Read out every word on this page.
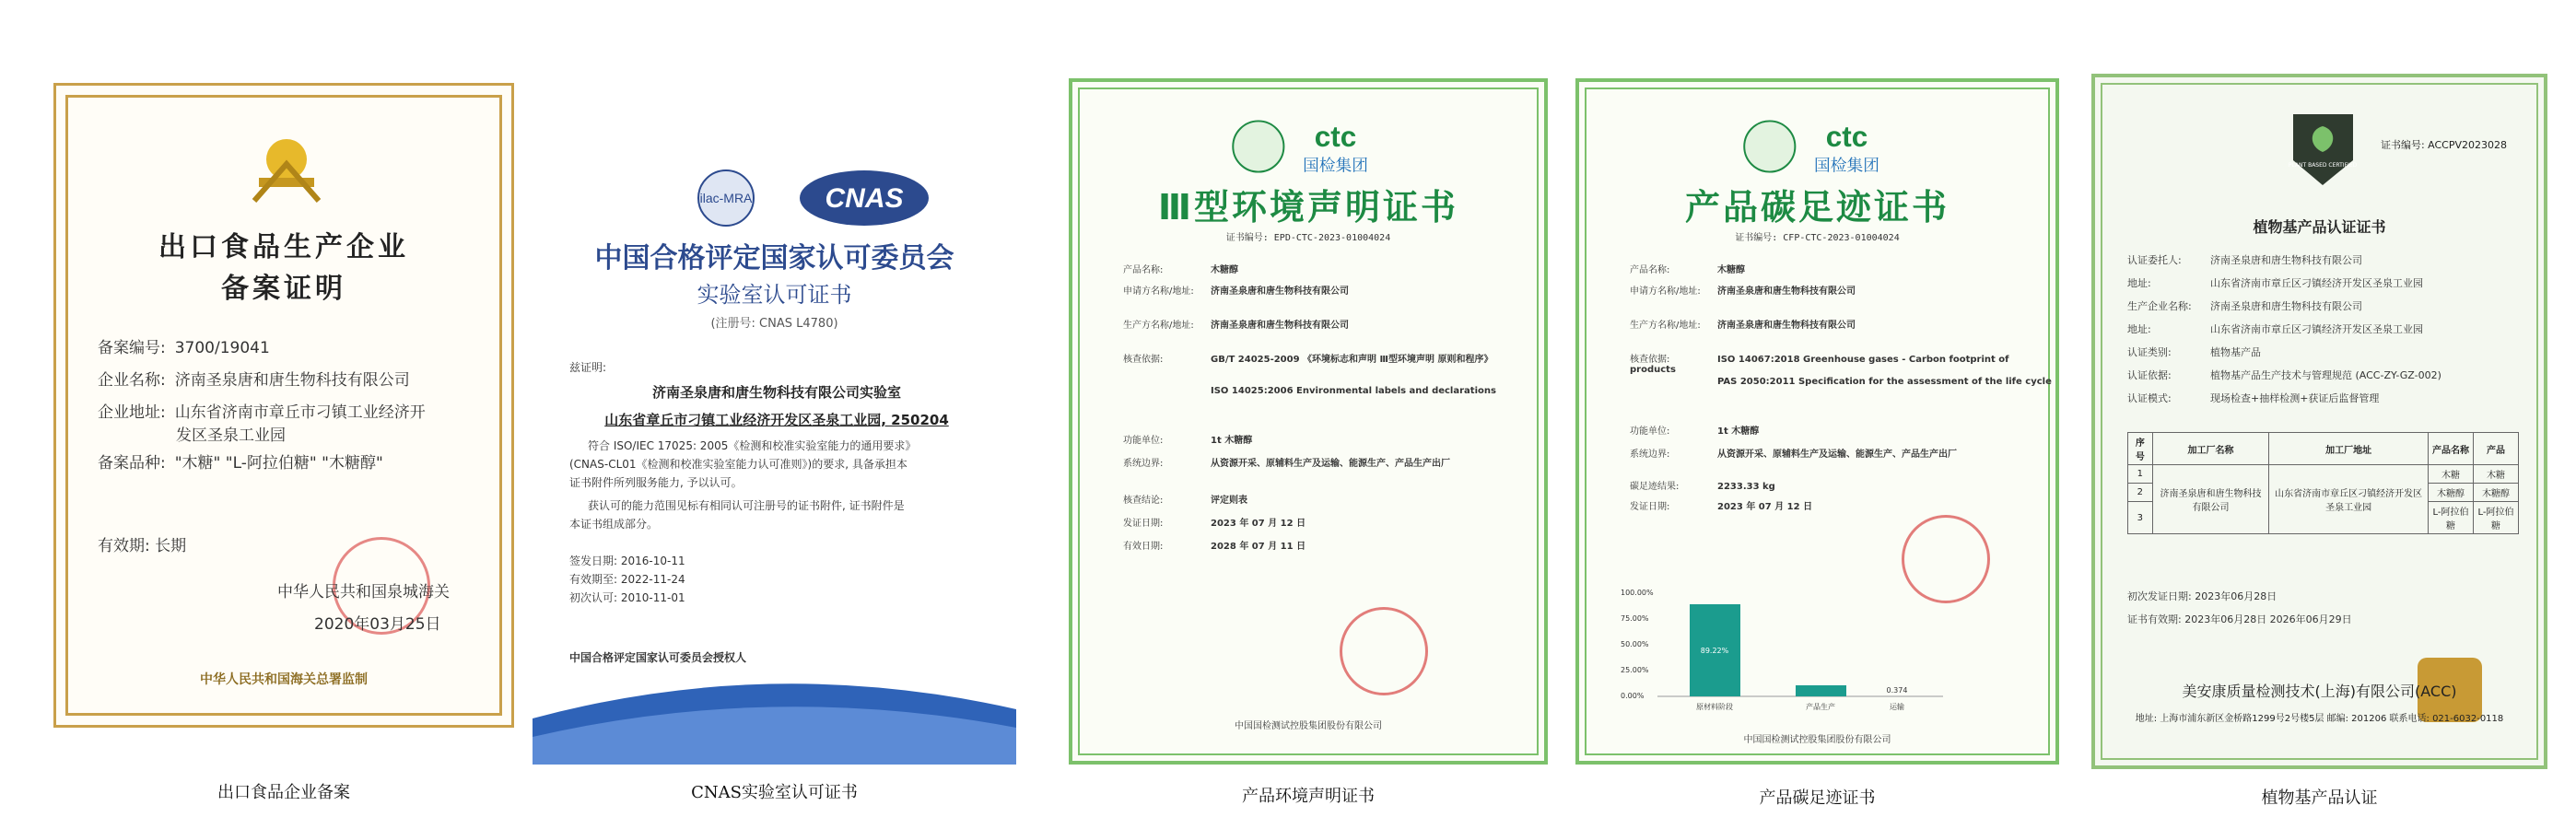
出口食品生产企业
备案证明
备案编号: 3700/19041
企业名称: 济南圣泉唐和唐生物科技有限公司
企业地址: 山东省济南市章丘市刁镇工业经济开
发区圣泉工业园
备案品种: "木糖" "L-阿拉伯糖" "木糖醇"
有效期: 长期
中华人民共和国泉城海关
2020年03月25日
中华人民共和国海关总署监制
出口食品企业备案
ilac-MRA	CNAS
中国合格评定国家认可委员会
实验室认可证书
(注册号: CNAS L4780)
兹证明:
济南圣泉唐和唐生物科技有限公司实验室
山东省章丘市刁镇工业经济开发区圣泉工业园, 250204
符合 ISO/IEC 17025: 2005《检测和校准实验室能力的通用要求》
(CNAS-CL01《检测和校准实验室能力认可准则》)的要求, 具备承担本
证书附件所列服务能力, 予以认可。
获认可的能力范围见标有相同认可注册号的证书附件, 证书附件是
本证书组成部分。
签发日期: 2016-10-11
有效期至: 2022-11-24
初次认可: 2010-11-01
中国合格评定国家认可委员会授权人
CNAS实验室认可证书
ctc
国检集团
Ⅲ型环境声明证书
证书编号: EPD-CTC-2023-01004024
产品名称:	木糖醇
申请方名称/地址: 济南圣泉唐和唐生物科技有限公司
生产方名称/地址: 济南圣泉唐和唐生物科技有限公司
核查依据:	GB/T 24025-2009 《环境标志和声明 Ⅲ型环境声明 原则和程序》
ISO 14025:2006 Environmental labels and declarations
功能单位:	1t 木糖醇
系统边界:	从资源开采、原辅料生产及运输、能源生产、产品生产出厂
核查结论:	评定则表
发证日期:	2023 年 07 月 12 日
有效日期:	2028 年 07 月 11 日
中国国检测试控股集团股份有限公司
产品环境声明证书
ctc
国检集团
产品碳足迹证书
证书编号: CFP-CTC-2023-01004024
产品名称:	木糖醇
申请方名称/地址: 济南圣泉唐和唐生物科技有限公司
生产方名称/地址: 济南圣泉唐和唐生物科技有限公司
核查依据:	ISO 14067:2018 Greenhouse gases - Carbon footprint of products
PAS 2050:2011 Specification for the assessment of the life cycle
功能单位:	1t 木糖醇
系统边界:	从资源开采、原辅料生产及运输、能源生产、产品生产出厂
碳足迹结果:	2233.33 kg
发证日期:	2023 年 07 月 12 日
100.00%
75.00%
50.00%
25.00%
0.00%
89.22%
0.374
原材料阶段	产品生产	运输
中国国检测试控股集团股份有限公司
产品碳足迹证书
PLANT BASED CERTIFIED
证书编号: ACCPV2023028
植物基产品认证证书
认证委托人:	济南圣泉唐和唐生物科技有限公司
地址:	山东省济南市章丘区刁镇经济开发区圣泉工业园
生产企业名称: 济南圣泉唐和唐生物科技有限公司
地址:	山东省济南市章丘区刁镇经济开发区圣泉工业园
认证类别:	植物基产品
认证依据:	植物基产品生产技术与管理规范 (ACC-ZY-GZ-002)
认证模式:	现场检查+抽样检测+获证后监督管理
序号	加工厂名称	加工厂地址	产品名称	产品
1	济南圣泉唐和唐生物科技有限公司	山东省济南市章丘区刁镇经济开发区圣泉工业园	木糖	木糖
2			木糖醇	木糖醇
3			L-阿拉伯糖	L-阿拉伯糖
初次发证日期: 2023年06月28日
证书有效期: 2023年06月28日 2026年06月29日
美安康质量检测技术(上海)有限公司(ACC)
地址: 上海市浦东新区金桥路1299号2号楼5层 邮编: 201206 联系电话: 021-6032-0118
植物基产品认证
